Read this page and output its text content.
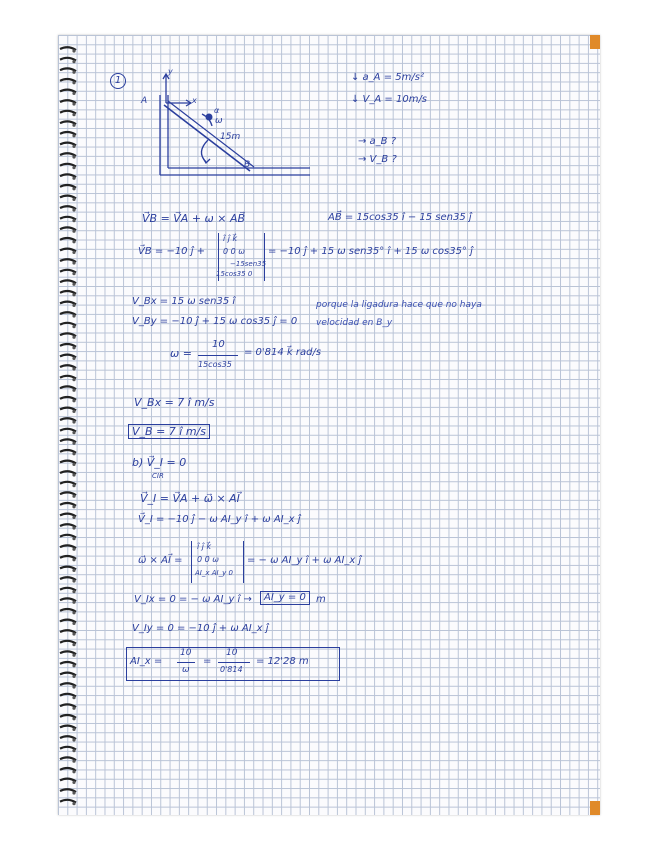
1	↓ a_A = 5m/s²
↓ V_A = 10m/s
→ a_B ?
→ V_B ?
V⃗B = V⃗A + ω × AB⃗	AB⃗ = 15cos35 î − 15 sen35 ĵ
V⃗B = −10 ĵ +
î ĵ k⃗
0 0 ω
−15sen35
15cos35 0
= −10 ĵ + 15 ω sen35° î + 15 ω cos35° ĵ
V_Bx = 15 ω sen35 î
V_By = −10 ĵ + 15 ω cos35 ĵ = 0
porque la ligadura hace que no haya
velocidad en B_y
ω =
10
15cos35
= 0'814 k⃗ rad/s
V_Bx = 7 î m/s
V_B = 7 î m/s
b) V⃗_I = 0
CIR
V⃗_I = V⃗A + ω⃗ × AI⃗
V⃗_I = −10 ĵ − ω AI_y î + ω AI_x ĵ
ω⃗ × AI⃗ =
î ĵ k⃗
0 0 ω
AI_x AI_y 0
= − ω AI_y î + ω AI_x ĵ
V_Ix = 0 = − ω AI_y î →	AI_y = 0	m
V_Iy = 0 = −10 ĵ + ω AI_x ĵ
AI_x =
10
ω
=
10
0'814
= 12'28 m
A
B
x
y
ω
α
15m
